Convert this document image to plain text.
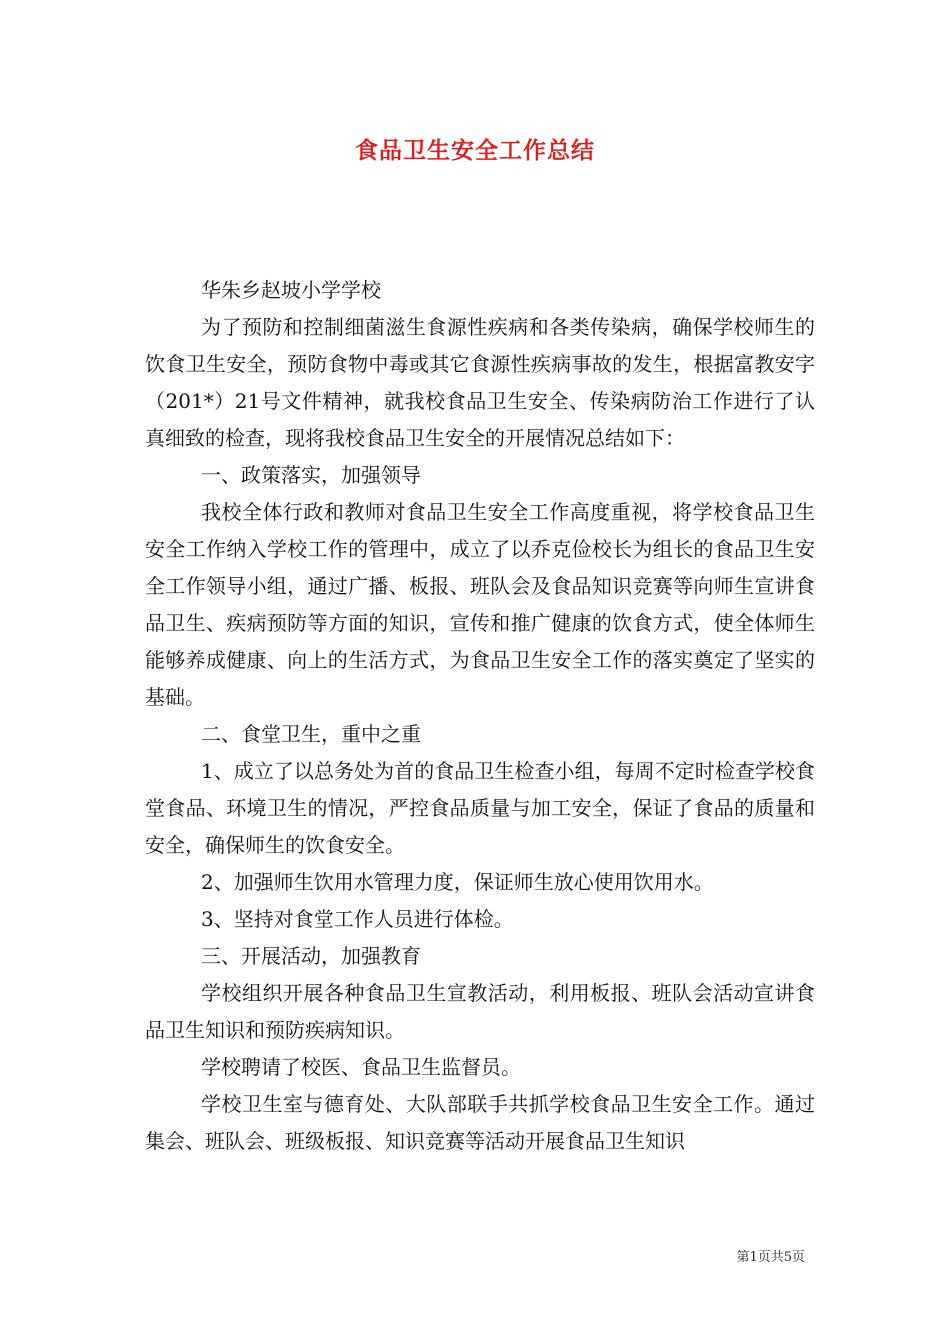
食品卫生安全工作总结

华朱乡赵坡小学学校

为了预防和控制细菌滋生食源性疾病和各类传染病，确保学校师生的饮食卫生安全，预防食物中毒或其它食源性疾病事故的发生，根据富教安字（201*）21号文件精神，就我校食品卫生安全、传染病防治工作进行了认真细致的检查，现将我校食品卫生安全的开展情况总结如下：

一、政策落实，加强领导

我校全体行政和教师对食品卫生安全工作高度重视，将学校食品卫生安全工作纳入学校工作的管理中，成立了以乔克俭校长为组长的食品卫生安全工作领导小组，通过广播、板报、班队会及食品知识竞赛等向师生宣讲食品卫生、疾病预防等方面的知识，宣传和推广健康的饮食方式，使全体师生能够养成健康、向上的生活方式，为食品卫生安全工作的落实奠定了坚实的基础。

二、食堂卫生，重中之重

1、成立了以总务处为首的食品卫生检查小组，每周不定时检查学校食堂食品、环境卫生的情况，严控食品质量与加工安全，保证了食品的质量和安全，确保师生的饮食安全。

2、加强师生饮用水管理力度，保证师生放心使用饮用水。

3、坚持对食堂工作人员进行体检。

三、开展活动，加强教育

学校组织开展各种食品卫生宣教活动，利用板报、班队会活动宣讲食品卫生知识和预防疾病知识。

学校聘请了校医、食品卫生监督员。

学校卫生室与德育处、大队部联手共抓学校食品卫生安全工作。通过集会、班队会、班级板报、知识竞赛等活动开展食品卫生知识

第1页共5页
